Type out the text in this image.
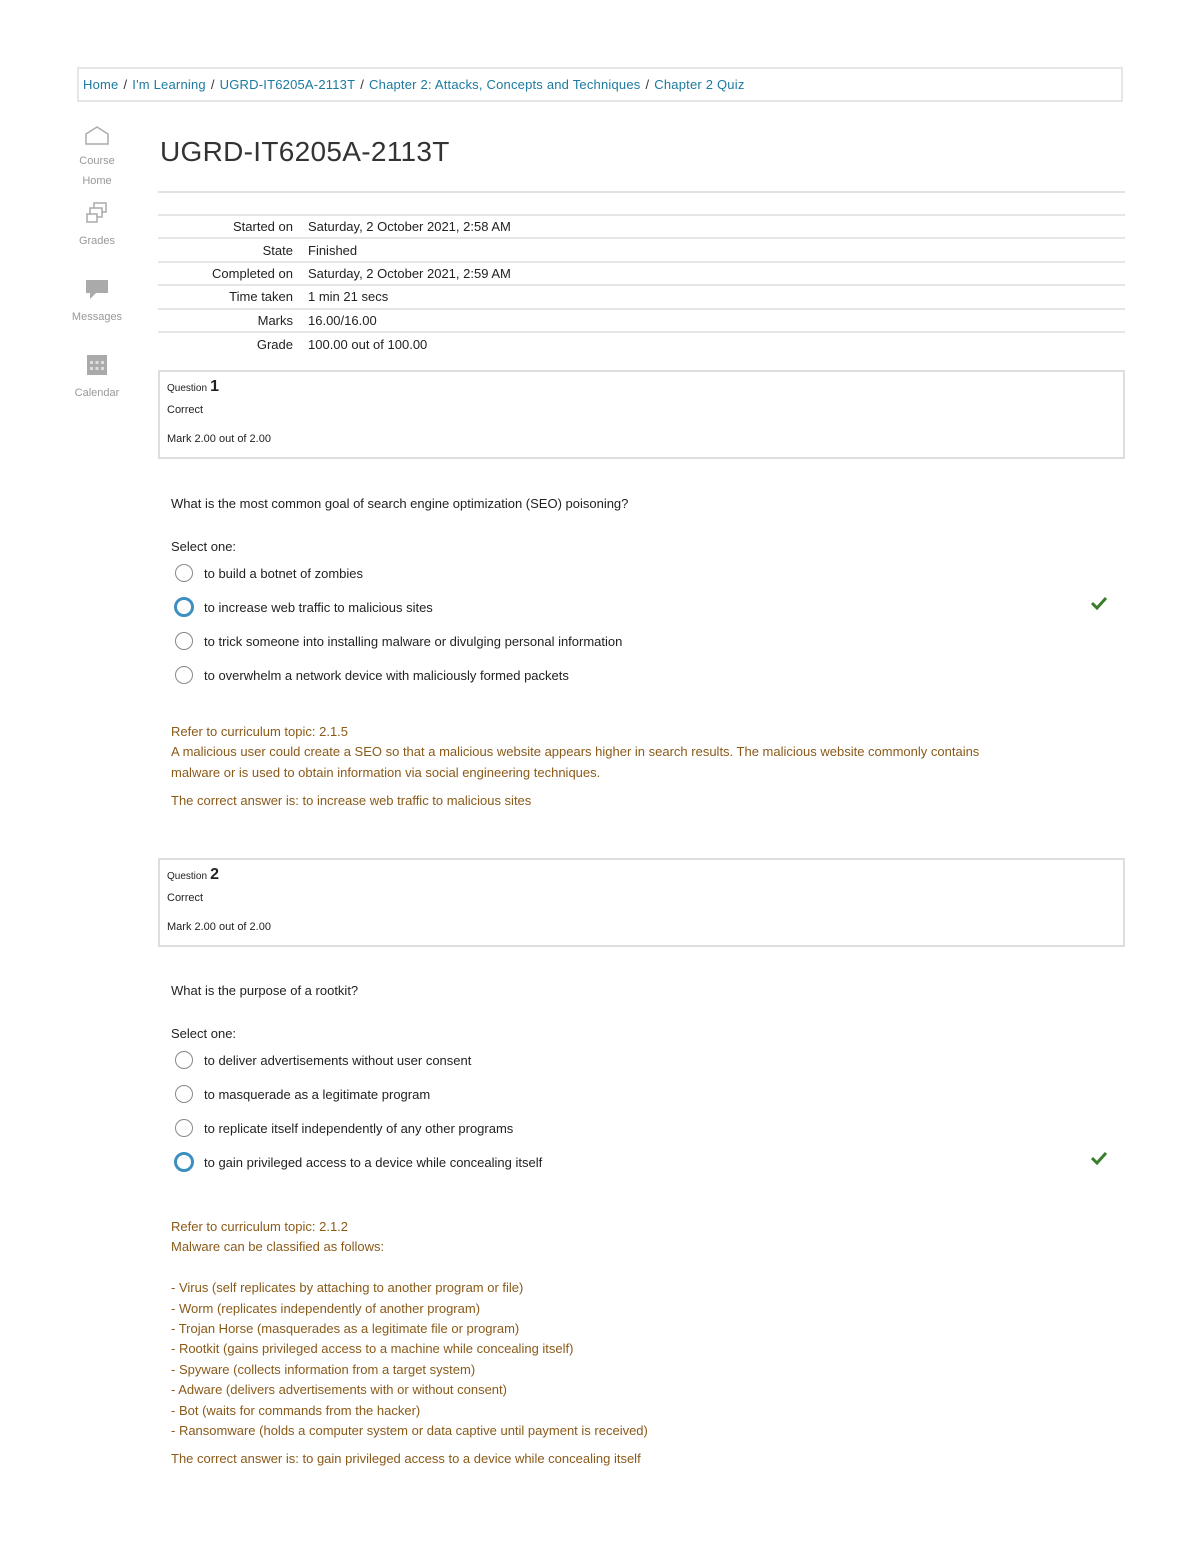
Home / I'm Learning / UGRD-IT6205A-2113T / Chapter 2: Attacks, Concepts and Techniques / Chapter 2 Quiz
Course
Home
Grades
Messages
Calendar
UGRD-IT6205A-2113T
Started on	Saturday, 2 October 2021, 2:58 AM
State	Finished
Completed on	Saturday, 2 October 2021, 2:59 AM
Time taken	1 min 21 secs
Marks	16.00/16.00
Grade	100.00 out of 100.00
Question 1
Correct
Mark 2.00 out of 2.00

What is the most common goal of search engine optimization (SEO) poisoning?

Select one:
to build a botnet of zombies
to increase web traffic to malicious sites
to trick someone into installing malware or divulging personal information
to overwhelm a network device with maliciously formed packets

Refer to curriculum topic: 2.1.5

A malicious user could create a SEO so that a malicious website appears higher in search results. The malicious website commonly contains

malware or is used to obtain information via social engineering techniques.

The correct answer is: to increase web traffic to malicious sites

Question 2
Correct
Mark 2.00 out of 2.00

What is the purpose of a rootkit?

Select one:
to deliver advertisements without user consent
to masquerade as a legitimate program
to replicate itself independently of any other programs
to gain privileged access to a device while concealing itself

Refer to curriculum topic: 2.1.2

Malware can be classified as follows:

- Virus (self replicates by attaching to another program or file)

- Worm (replicates independently of another program)

- Trojan Horse (masquerades as a legitimate file or program)

- Rootkit (gains privileged access to a machine while concealing itself)

- Spyware (collects information from a target system)

- Adware (delivers advertisements with or without consent)

- Bot (waits for commands from the hacker)

- Ransomware (holds a computer system or data captive until payment is received)

The correct answer is: to gain privileged access to a device while concealing itself
